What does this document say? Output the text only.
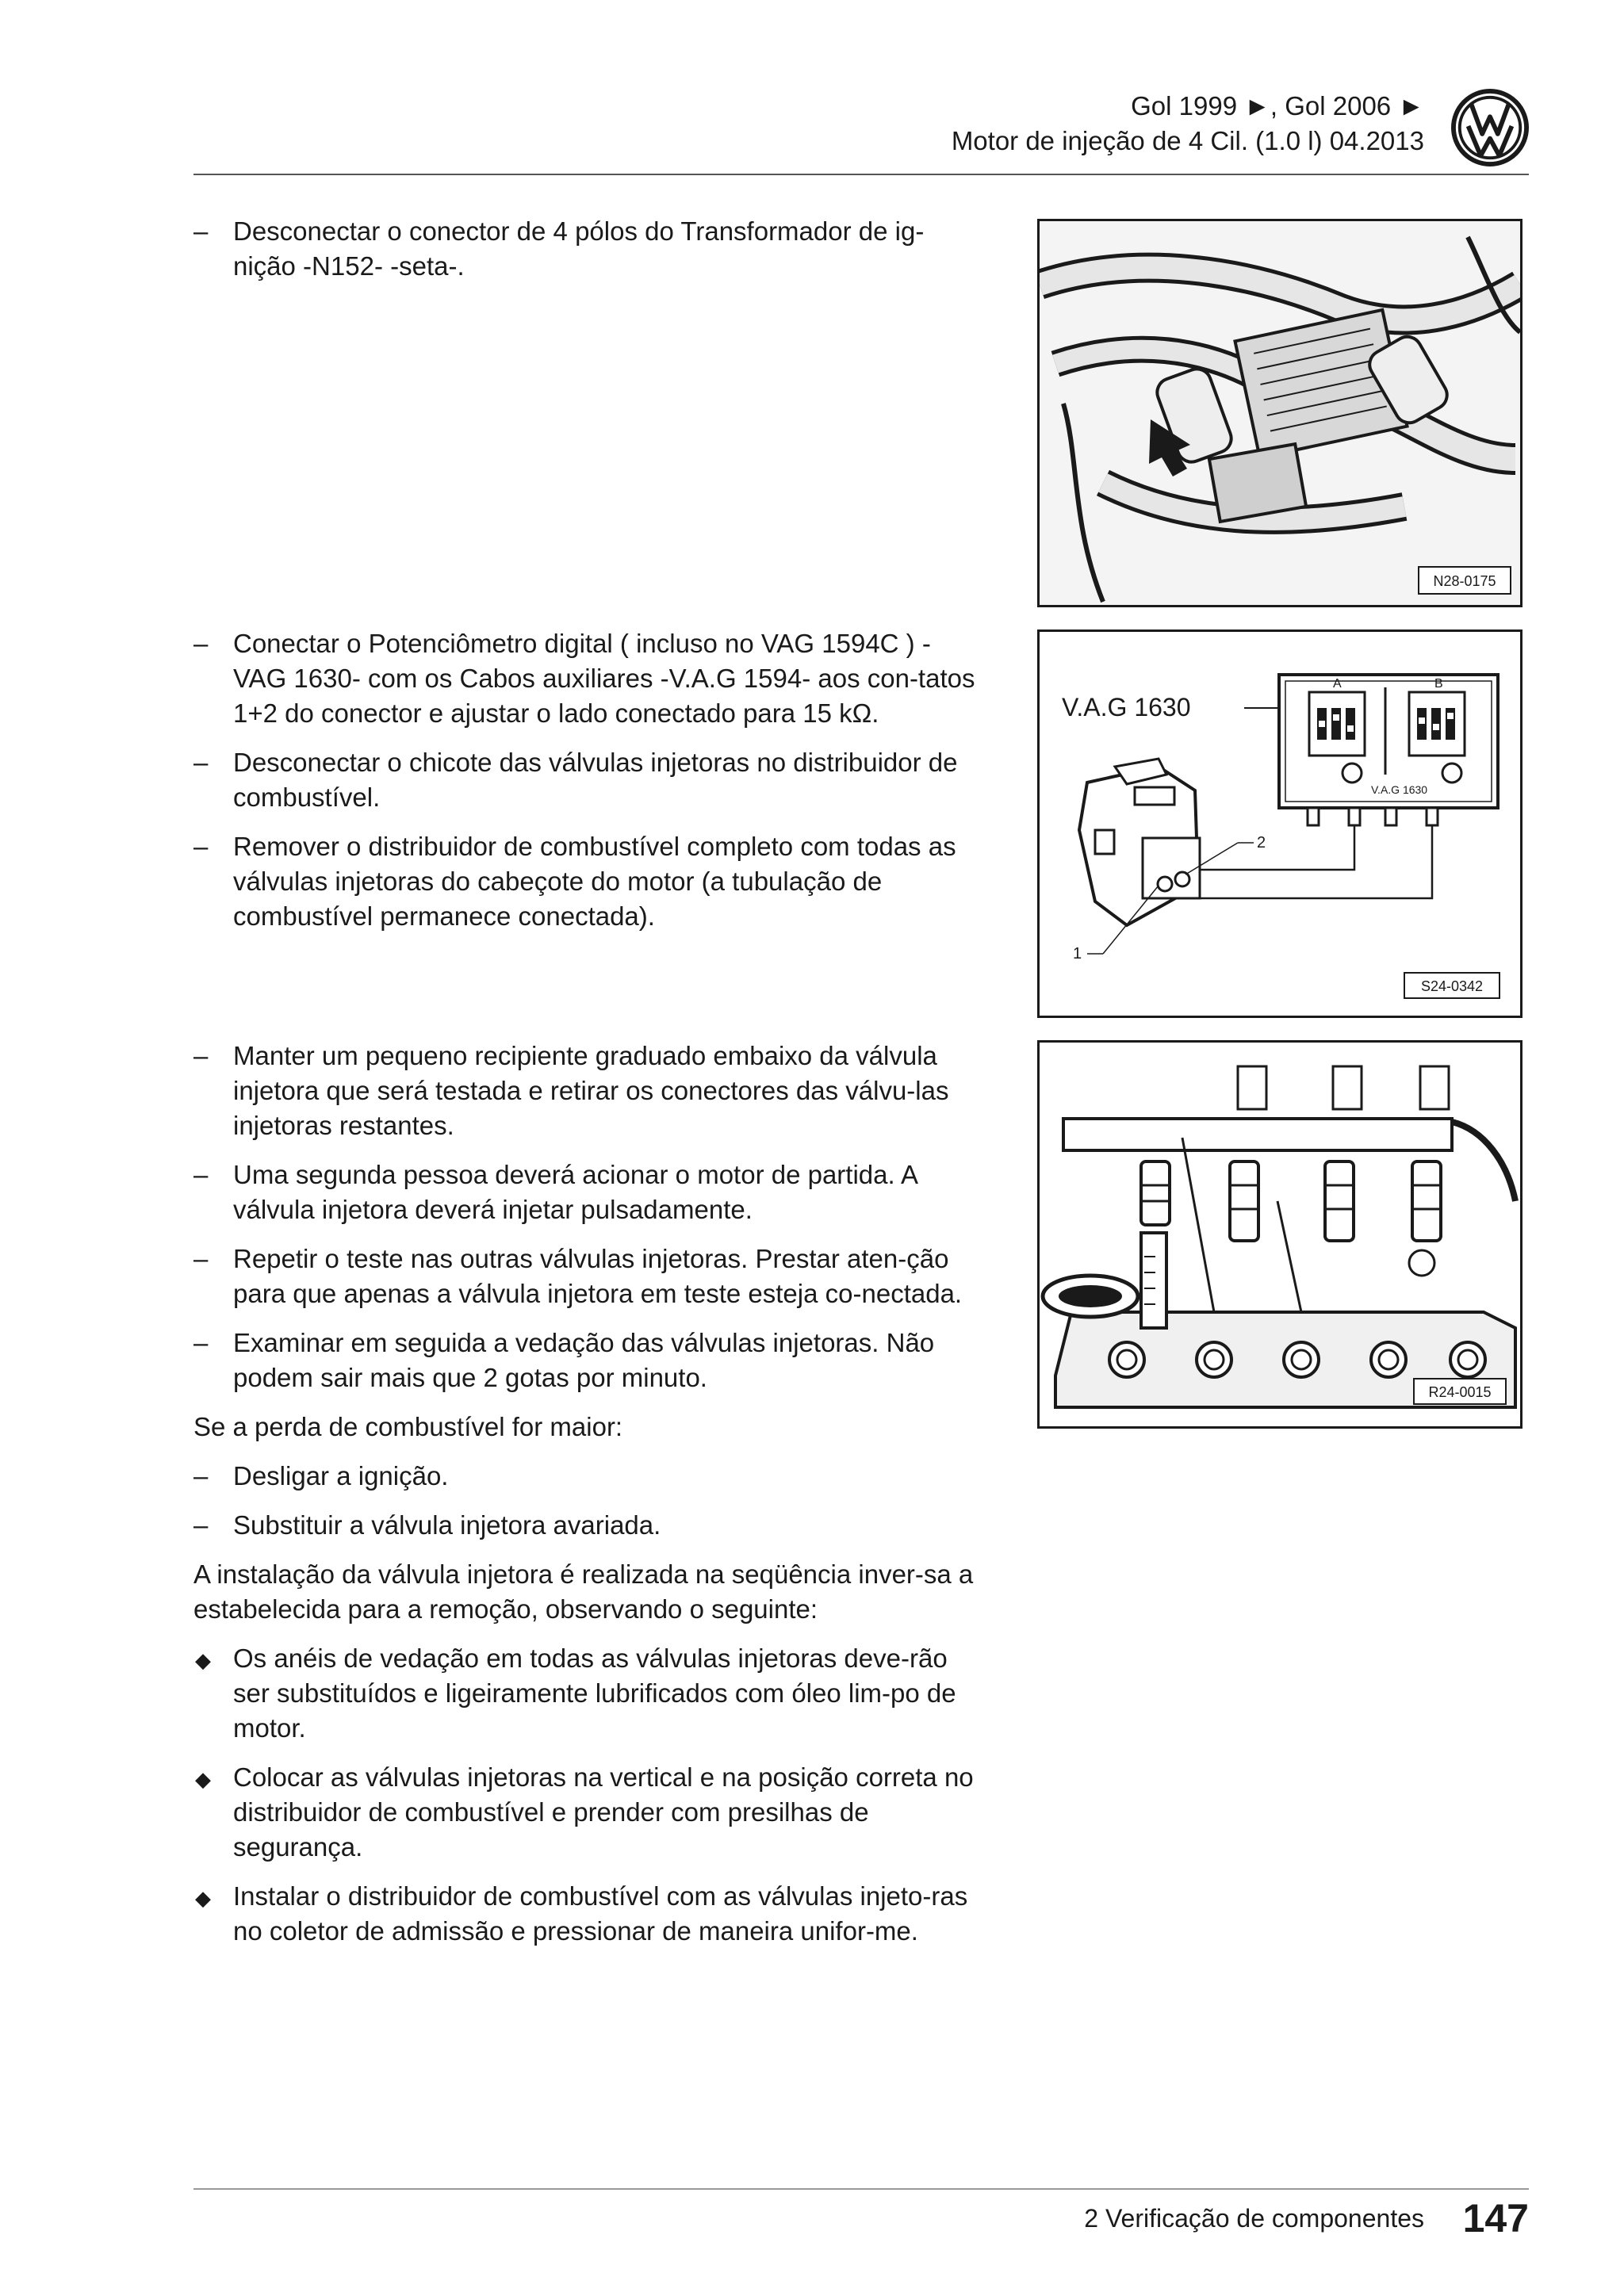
Gol 1999 ►, Gol 2006 ►
Motor de injeção de 4 Cil. (1.0 l) 04.2013
– Desconectar o conector de 4 pólos do Transformador de ig-nição -N152- -seta-.
– Conectar o Potenciômetro digital ( incluso no VAG 1594C ) -VAG 1630- com os Cabos auxiliares -V.A.G 1594- aos con-tatos 1+2 do conector e ajustar o lado conectado para 15 kΩ.
– Desconectar o chicote das válvulas injetoras no distribuidor de combustível.
– Remover o distribuidor de combustível completo com todas as válvulas injetoras do cabeçote do motor (a tubulação de combustível permanece conectada).
– Manter um pequeno recipiente graduado embaixo da válvula injetora que será testada e retirar os conectores das válvu-las injetoras restantes.
– Uma segunda pessoa deverá acionar o motor de partida. A válvula injetora deverá injetar pulsadamente.
– Repetir o teste nas outras válvulas injetoras. Prestar aten-ção para que apenas a válvula injetora em teste esteja co-nectada.
– Examinar em seguida a vedação das válvulas injetoras. Não podem sair mais que 2 gotas por minuto.

Se a perda de combustível for maior:

– Desligar a ignição.
– Substituir a válvula injetora avariada.

A instalação da válvula injetora é realizada na seqüência inver-sa a estabelecida para a remoção, observando o seguinte:

◆ Os anéis de vedação em todas as válvulas injetoras deve-rão ser substituídos e ligeiramente lubrificados com óleo lim-po de motor.
◆ Colocar as válvulas injetoras na vertical e na posição correta no distribuidor de combustível e prender com presilhas de segurança.
◆ Instalar o distribuidor de combustível com as válvulas injeto-ras no coletor de admissão e pressionar de maneira unifor-me.
N28-0175
V.A.G 1630
A	B
V.A.G 1630
1
2
S24-0342
R24-0015
2 Verificação de componentes 147
